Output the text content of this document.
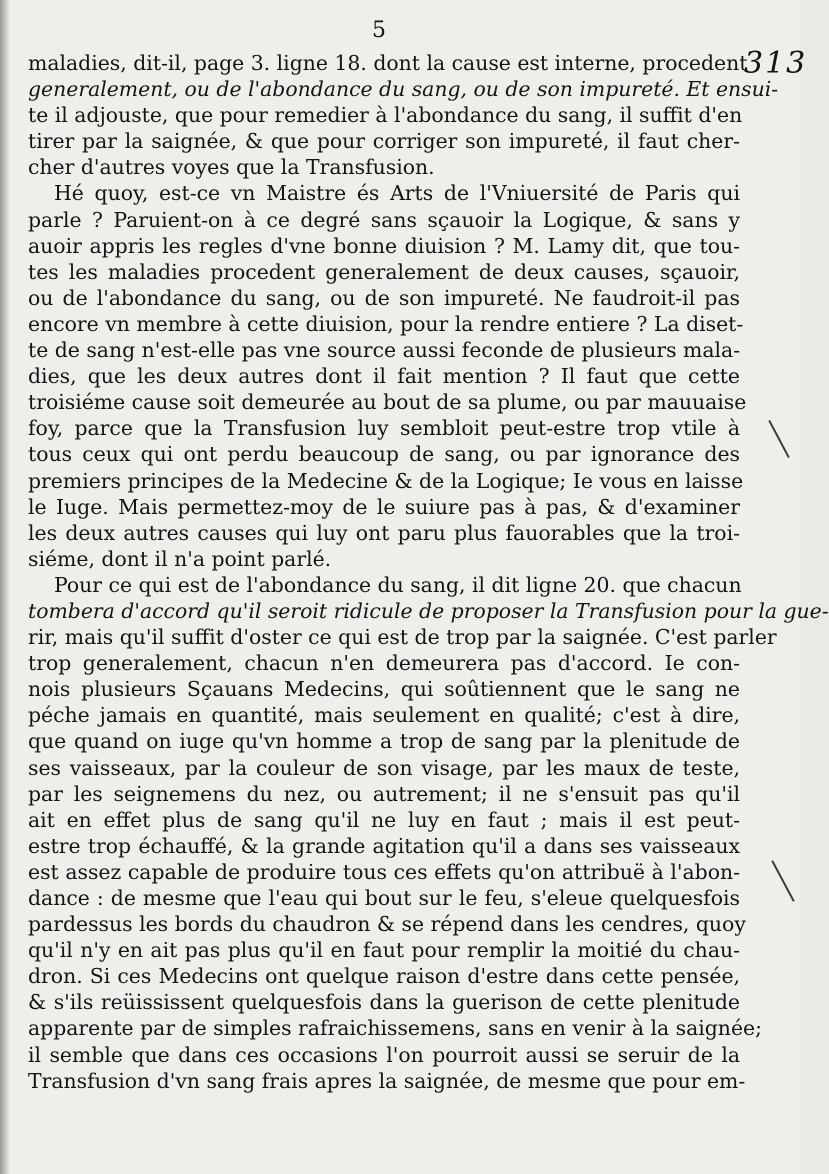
5
313
maladies, dit-il, page 3. ligne 18. dont la cause est interne, procedent
generalement, ou de l'abondance du sang, ou de son impureté. Et ensui-
te il adjouste, que pour remedier à l'abondance du sang, il suffit d'en
tirer par la saignée, & que pour corriger son impureté, il faut cher-
cher d'autres voyes que la Transfusion.
Hé quoy, est-ce vn Maistre és Arts de l'Vniuersité de Paris qui
parle ? Paruient-on à ce degré sans sçauoir la Logique, & sans y
auoir appris les regles d'vne bonne diuision ? M. Lamy dit, que tou-
tes les maladies procedent generalement de deux causes, sçauoir,
ou de l'abondance du sang, ou de son impureté. Ne faudroit-il pas
encore vn membre à cette diuision, pour la rendre entiere ? La diset-
te de sang n'est-elle pas vne source aussi feconde de plusieurs mala-
dies, que les deux autres dont il fait mention ? Il faut que cette
troisiéme cause soit demeurée au bout de sa plume, ou par mauuaise
foy, parce que la Transfusion luy sembloit peut-estre trop vtile à
tous ceux qui ont perdu beaucoup de sang, ou par ignorance des
premiers principes de la Medecine & de la Logique; Ie vous en laisse
le Iuge. Mais permettez-moy de le suiure pas à pas, & d'examiner
les deux autres causes qui luy ont paru plus fauorables que la troi-
siéme, dont il n'a point parlé.
Pour ce qui est de l'abondance du sang, il dit ligne 20. que chacun
tombera d'accord qu'il seroit ridicule de proposer la Transfusion pour la gue-
rir, mais qu'il suffit d'oster ce qui est de trop par la saignée. C'est parler
trop generalement, chacun n'en demeurera pas d'accord. Ie con-
nois plusieurs Sçauans Medecins, qui soûtiennent que le sang ne
péche jamais en quantité, mais seulement en qualité; c'est à dire,
que quand on iuge qu'vn homme a trop de sang par la plenitude de
ses vaisseaux, par la couleur de son visage, par les maux de teste,
par les seignemens du nez, ou autrement; il ne s'ensuit pas qu'il
ait en effet plus de sang qu'il ne luy en faut ; mais il est peut-
estre trop échauffé, & la grande agitation qu'il a dans ses vaisseaux
est assez capable de produire tous ces effets qu'on attribuë à l'abon-
dance : de mesme que l'eau qui bout sur le feu, s'eleue quelquesfois
pardessus les bords du chaudron & se répend dans les cendres, quoy
qu'il n'y en ait pas plus qu'il en faut pour remplir la moitié du chau-
dron. Si ces Medecins ont quelque raison d'estre dans cette pensée,
& s'ils reüississent quelquesfois dans la guerison de cette plenitude
apparente par de simples rafraichissemens, sans en venir à la saignée;
il semble que dans ces occasions l'on pourroit aussi se seruir de la
Transfusion d'vn sang frais apres la saignée, de mesme que pour em-
